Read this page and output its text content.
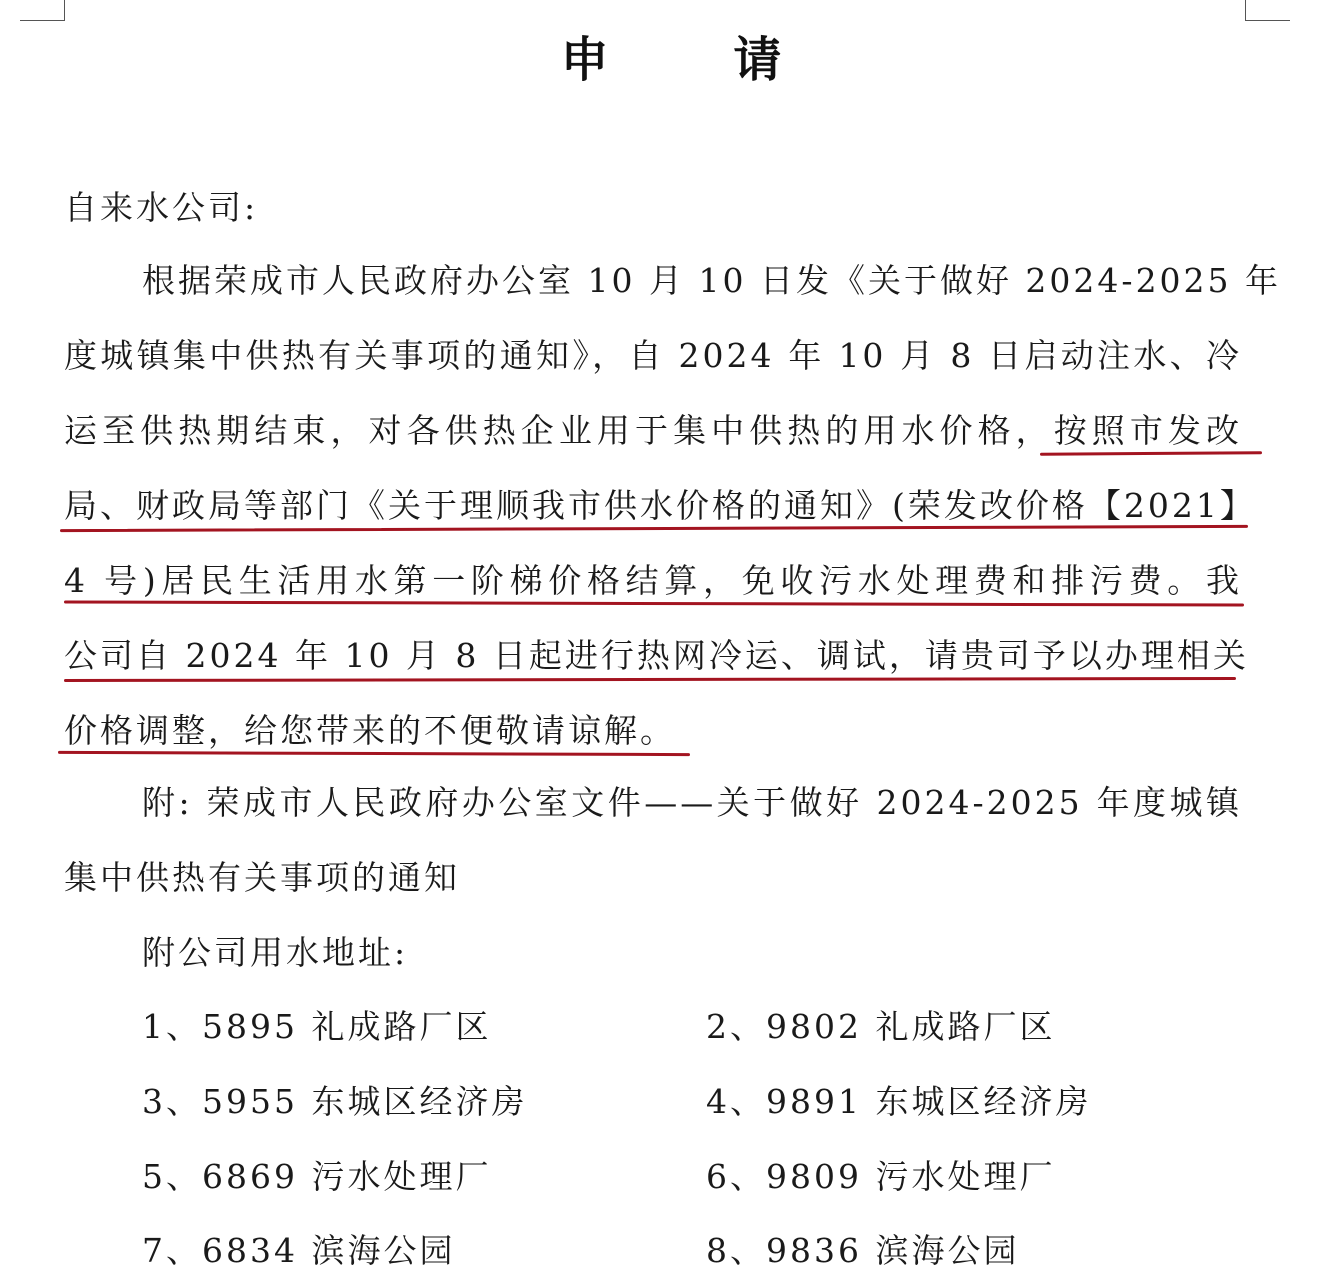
申 请
自来水公司:
根据荣成市人民政府办公室 10 月 10 日发《关于做好 2024-2025 年
度城镇集中供热有关事项的通知》，自 2024 年 10 月 8 日启动注水、冷
运至供热期结束，对各供热企业用于集中供热的用水价格，按照市发改
局、财政局等部门《关于理顺我市供水价格的通知》(荣发改价格【2021】
4 号)居民生活用水第一阶梯价格结算，免收污水处理费和排污费。我
公司自 2024 年 10 月 8 日起进行热网冷运、调试，请贵司予以办理相关
价格调整，给您带来的不便敬请谅解。
附: 荣成市人民政府办公室文件——关于做好 2024-2025 年度城镇
集中供热有关事项的通知
附公司用水地址:
1、5895 礼成路厂区	2、9802 礼成路厂区
3、5955 东城区经济房	4、9891 东城区经济房
5、6869 污水处理厂	6、9809 污水处理厂
7、6834 滨海公园	8、9836 滨海公园
